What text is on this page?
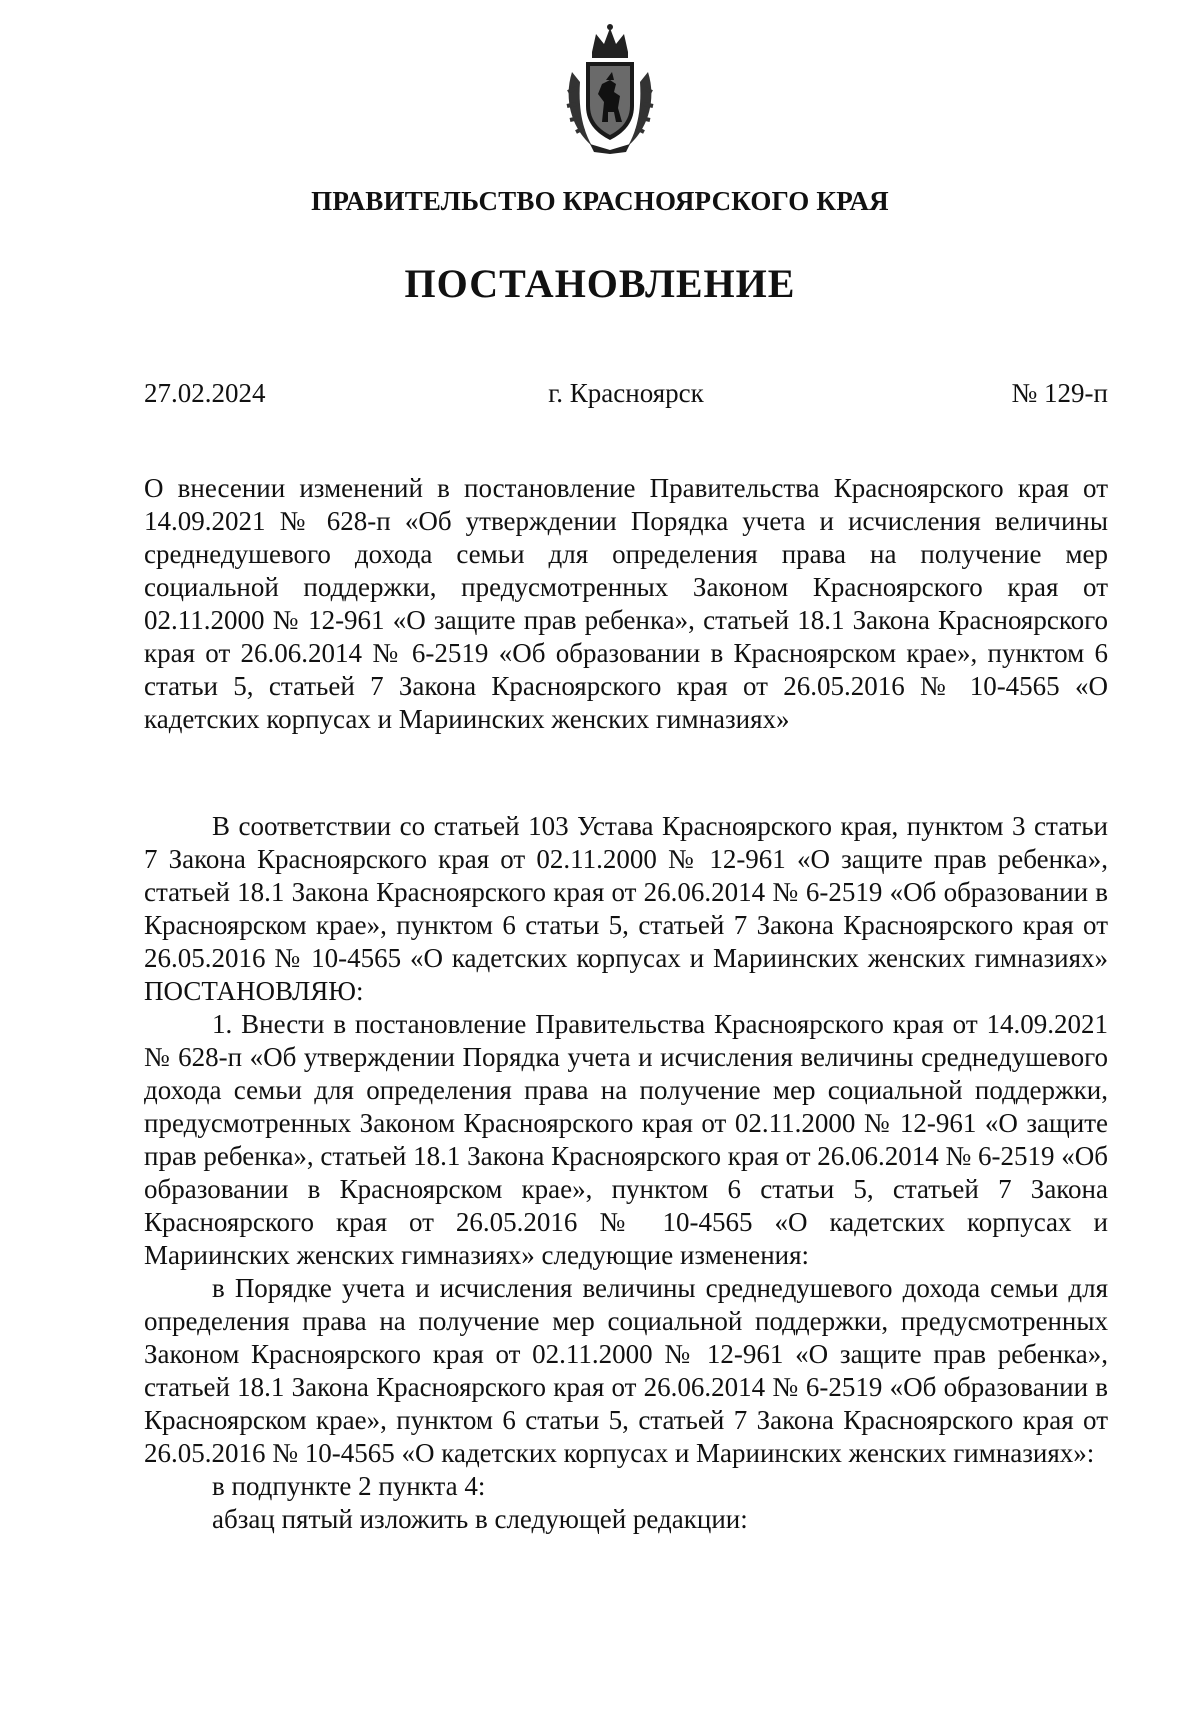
ПРАВИТЕЛЬСТВО КРАСНОЯРСКОГО КРАЯ
ПОСТАНОВЛЕНИЕ
27.02.2024	г. Красноярск	№ 129-п
О внесении изменений в постановление Правительства Красноярского края от 14.09.2021 № 628-п «Об утверждении Порядка учета и исчисления величины среднедушевого дохода семьи для определения права на получение мер социальной поддержки, предусмотренных Законом Красноярского края от 02.11.2000 № 12-961 «О защите прав ребенка», статьей 18.1 Закона Красноярского края от 26.06.2014 № 6-2519 «Об образовании в Красноярском крае», пунктом 6 статьи 5, статьей 7 Закона Красноярского края от 26.05.2016 № 10-4565 «О кадетских корпусах и Мариинских женских гимназиях»

В соответствии со статьей 103 Устава Красноярского края, пунктом 3 статьи 7 Закона Красноярского края от 02.11.2000 № 12-961 «О защите прав ребенка», статьей 18.1 Закона Красноярского края от 26.06.2014 № 6-2519 «Об образовании в Красноярском крае», пунктом 6 статьи 5, статьей 7 Закона Красноярского края от 26.05.2016 № 10-4565 «О кадетских корпусах и Мариинских женских гимназиях» ПОСТАНОВЛЯЮ:

1. Внести в постановление Правительства Красноярского края от 14.09.2021 № 628-п «Об утверждении Порядка учета и исчисления величины среднедушевого дохода семьи для определения права на получение мер социальной поддержки, предусмотренных Законом Красноярского края от 02.11.2000 № 12-961 «О защите прав ребенка», статьей 18.1 Закона Красноярского края от 26.06.2014 № 6-2519 «Об образовании в Красноярском крае», пунктом 6 статьи 5, статьей 7 Закона Красноярского края от 26.05.2016 № 10-4565 «О кадетских корпусах и Мариинских женских гимназиях» следующие изменения:

в Порядке учета и исчисления величины среднедушевого дохода семьи для определения права на получение мер социальной поддержки, предусмотренных Законом Красноярского края от 02.11.2000 № 12-961 «О защите прав ребенка», статьей 18.1 Закона Красноярского края от 26.06.2014 № 6-2519 «Об образовании в Красноярском крае», пунктом 6 статьи 5, статьей 7 Закона Красноярского края от 26.05.2016 № 10-4565 «О кадетских корпусах и Мариинских женских гимназиях»:

в подпункте 2 пункта 4:

абзац пятый изложить в следующей редакции:
